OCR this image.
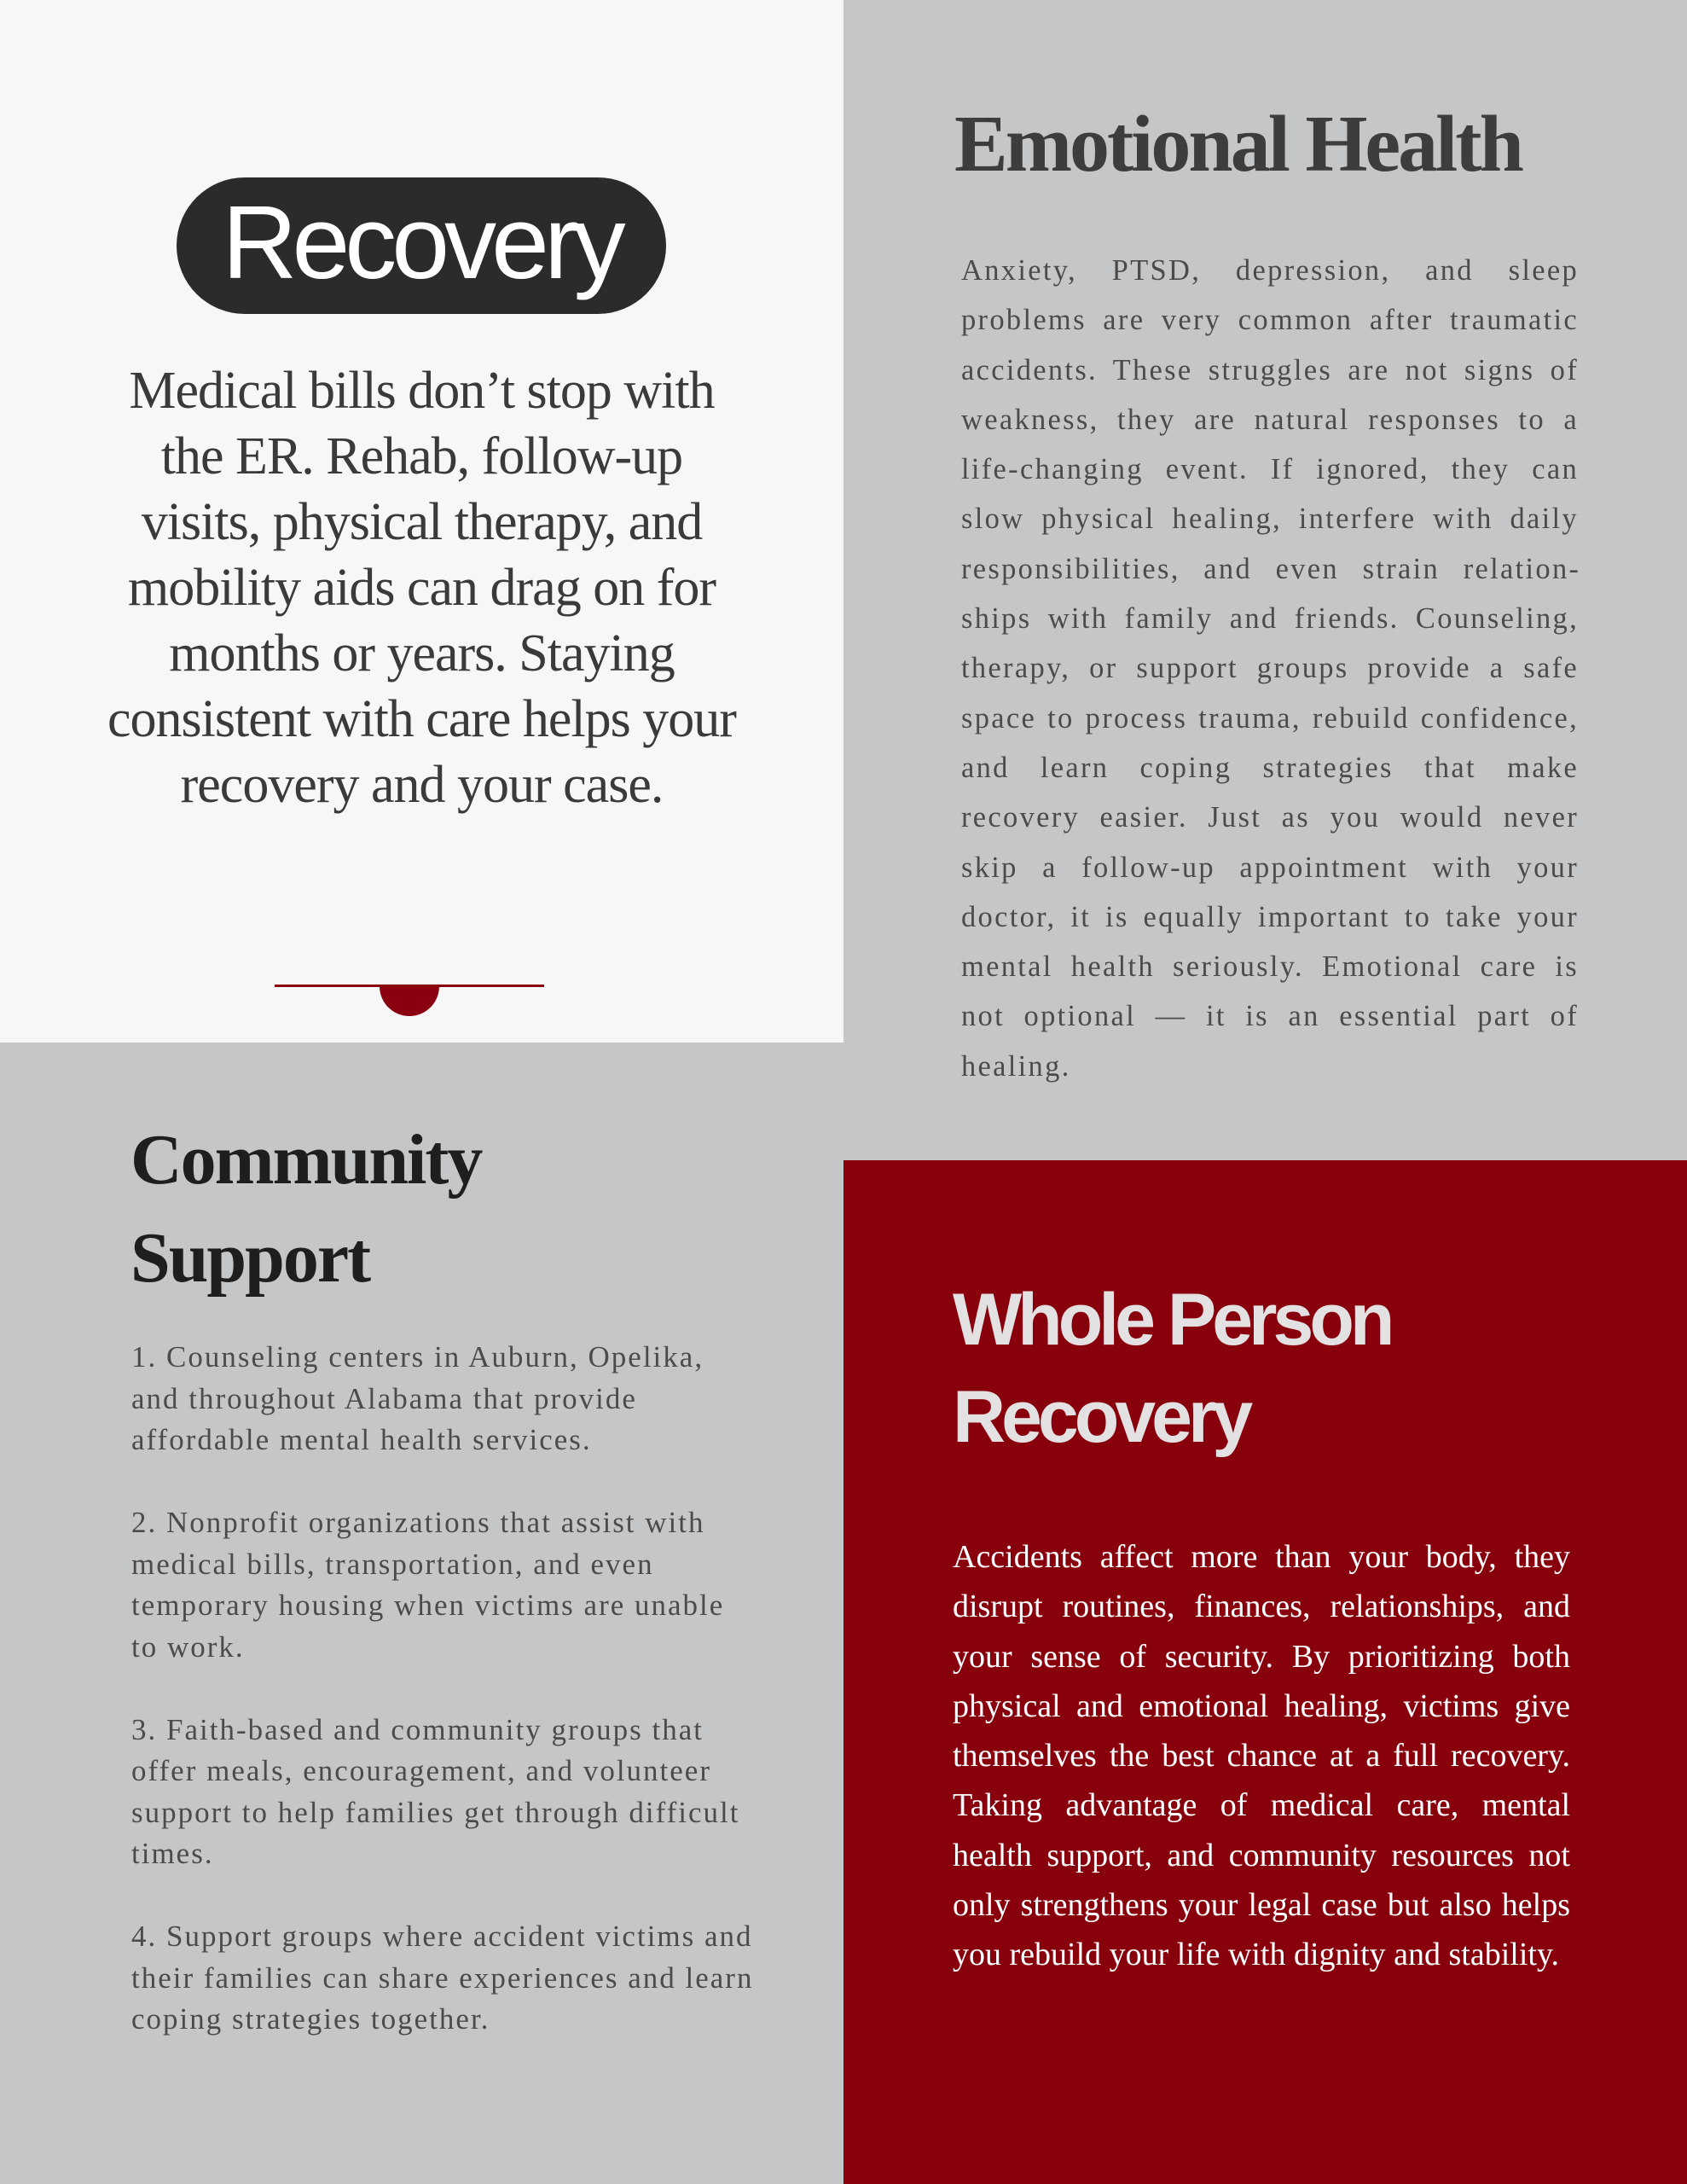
Recovery

Medical bills don’t stop with the ER. Rehab, follow-up visits, physical therapy, and mobility aids can drag on for months or years. Staying consistent with care helps your recovery and your case.

Emotional Health

Anxiety, PTSD, depression, and sleep problems are very common after traumatic accidents. These struggles are not signs of weakness, they are natural responses to a life-changing event. If ignored, they can slow physical healing, interfere with daily responsibilities, and even strain relationships with family and friends. Counseling, therapy, or support groups provide a safe space to process trauma, rebuild confidence, and learn coping strategies that make recovery easier. Just as you would never skip a follow-up appointment with your doctor, it is equally important to take your mental health seriously. Emotional care is not optional — it is an essential part of healing.

Community Support

1. Counseling centers in Auburn, Opelika, and throughout Alabama that provide affordable mental health services.

2. Nonprofit organizations that assist with medical bills, transportation, and even temporary housing when victims are unable to work.

3. Faith-based and community groups that offer meals, encouragement, and volunteer support to help families get through difficult times.

4. Support groups where accident victims and their families can share experiences and learn coping strategies together.

Whole Person Recovery

Accidents affect more than your body, they disrupt routines, finances, relationships, and your sense of security. By prioritizing both physical and emotional healing, victims give themselves the best chance at a full recovery. Taking advantage of medical care, mental health support, and community resources not only strengthens your legal case but also helps you rebuild your life with dignity and stability.
